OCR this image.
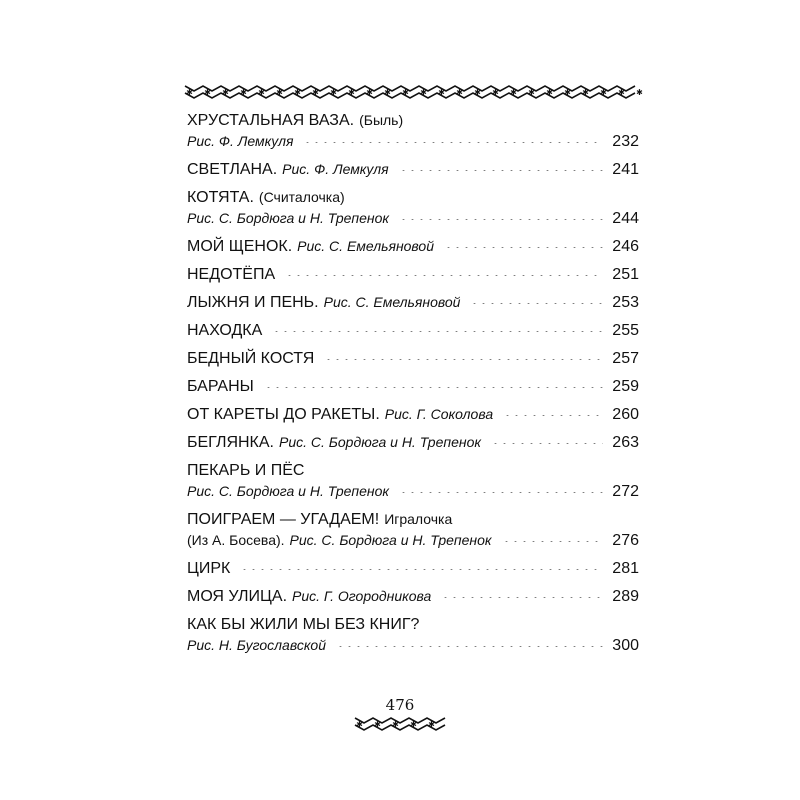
✱ ✱ ✱ ✱ ✱ ✱ ✱ ✱ ✱ ✱ ✱ ✱ ✱ ✱ ✱ ✱ ✱ ✱ ✱ ✱ ✱ ✱ ✱ ✱ ✱ ✱
ХРУСТАЛЬНАЯ ВАЗА. (Быль)
Рис. Ф. Лемкуля	232
СВЕТЛАНА. Рис. Ф. Лемкуля	241
КОТЯТА. (Считалочка)
Рис. С. Бордюга и Н. Трепенок	244
МОЙ ЩЕНОК. Рис. С. Емельяновой	246
НЕДОТЁПА	251
ЛЫЖНЯ И ПЕНЬ. Рис. С. Емельяновой	253
НАХОДКА	255
БЕДНЫЙ КОСТЯ	257
БАРАНЫ	259
ОТ КАРЕТЫ ДО РАКЕТЫ. Рис. Г. Соколова	260
БЕГЛЯНКА. Рис. С. Бордюга и Н. Трепенок	263
ПЕКАРЬ И ПЁС
Рис. С. Бордюга и Н. Трепенок	272
ПОИГРАЕМ — УГАДАЕМ! Игралочка
(Из А. Босева). Рис. С. Бордюга и Н. Трепенок	276
ЦИРК	281
МОЯ УЛИЦА. Рис. Г. Огородникова	289
КАК БЫ ЖИЛИ МЫ БЕЗ КНИГ?
Рис. Н. Бугославской	300
476
✱ ✱ ✱ ✱ ✱
